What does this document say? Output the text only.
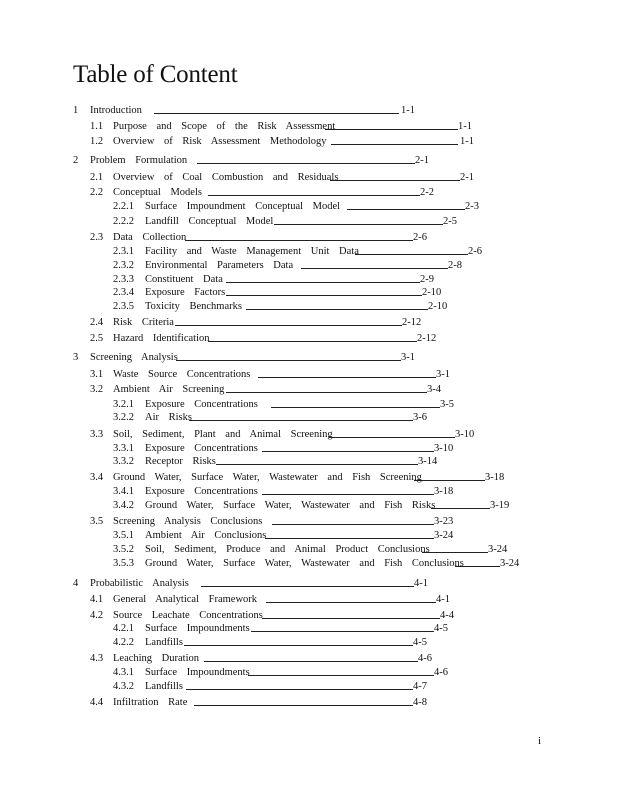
Table of Content
1 Introduction	1-1
1.1 Purpose and Scope of the Risk Assessment	1-1
1.2 Overview of Risk Assessment Methodology	1-1
2 Problem Formulation	2-1
2.1 Overview of Coal Combustion and Residuals	2-1
2.2 Conceptual Models	2-2
2.2.1 Surface Impoundment Conceptual Model	2-3
2.2.2 Landfill Conceptual Model	2-5
2.3 Data Collection	2-6
2.3.1 Facility and Waste Management Unit Data	2-6
2.3.2 Environmental Parameters Data	2-8
2.3.3 Constituent Data	2-9
2.3.4 Exposure Factors	2-10
2.3.5 Toxicity Benchmarks	2-10
2.4 Risk Criteria	2-12
2.5 Hazard Identification	2-12
3 Screening Analysis	3-1
3.1 Waste Source Concentrations	3-1
3.2 Ambient Air Screening	3-4
3.2.1 Exposure Concentrations	3-5
3.2.2 Air Risks	3-6
3.3 Soil, Sediment, Plant and Animal Screening	3-10
3.3.1 Exposure Concentrations	3-10
3.3.2 Receptor Risks	3-14
3.4 Ground Water, Surface Water, Wastewater and Fish Screening	3-18
3.4.1 Exposure Concentrations	3-18
3.4.2 Ground Water, Surface Water, Wastewater and Fish Risks	3-19
3.5 Screening Analysis Conclusions	3-23
3.5.1 Ambient Air Conclusions	3-24
3.5.2 Soil, Sediment, Produce and Animal Product Conclusions	3-24
3.5.3 Ground Water, Surface Water, Wastewater and Fish Conclusions	3-24
4 Probabilistic Analysis	4-1
4.1 General Analytical Framework	4-1
4.2 Source Leachate Concentrations	4-4
4.2.1 Surface Impoundments	4-5
4.2.2 Landfills	4-5
4.3 Leaching Duration	4-6
4.3.1 Surface Impoundments	4-6
4.3.2 Landfills	4-7
4.4 Infiltration Rate	4-8
i
